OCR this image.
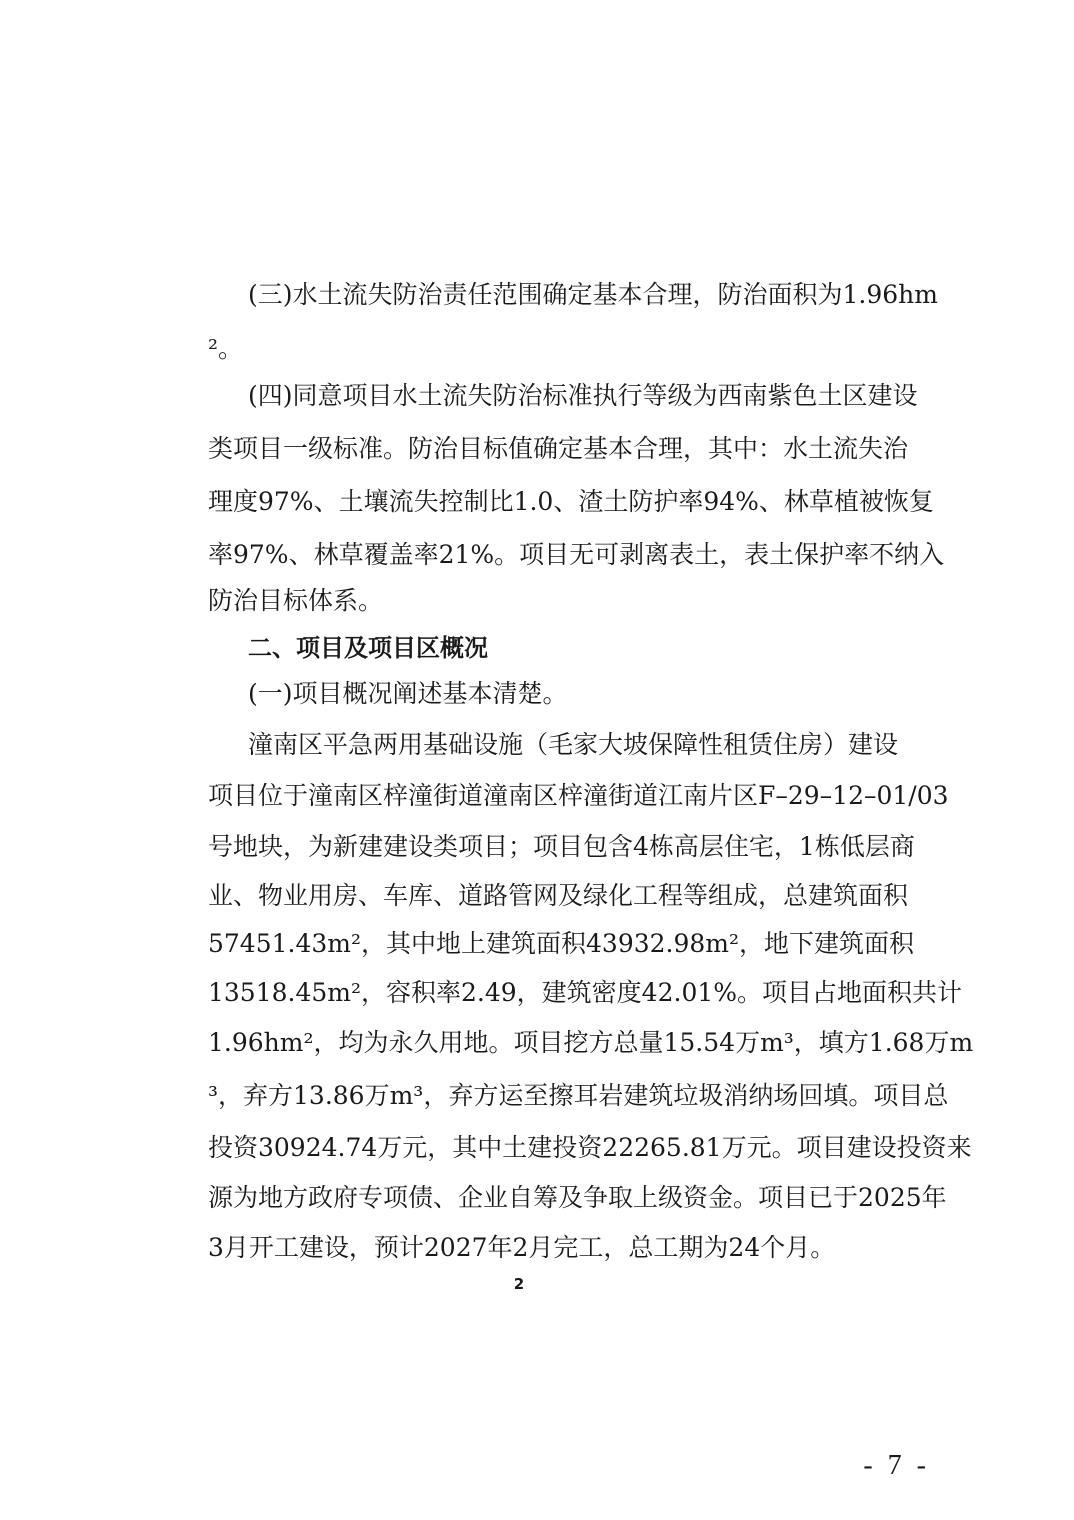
(三)水土流失防治责任范围确定基本合理，防治面积为1.96hm
²。
(四)同意项目水土流失防治标准执行等级为西南紫色土区建设
类项目一级标准。防治目标值确定基本合理，其中：水土流失治
理度97%、土壤流失控制比1.0、渣土防护率94%、林草植被恢复
率97%、林草覆盖率21%。项目无可剥离表土，表土保护率不纳入
防治目标体系。
二、项目及项目区概况
(一)项目概况阐述基本清楚。
潼南区平急两用基础设施（毛家大坡保障性租赁住房）建设
项目位于潼南区梓潼街道潼南区梓潼街道江南片区F–29–12–01/03
号地块，为新建建设类项目；项目包含4栋高层住宅，1栋低层商
业、物业用房、车库、道路管网及绿化工程等组成，总建筑面积
57451.43m²，其中地上建筑面积43932.98m²，地下建筑面积
13518.45m²，容积率2.49，建筑密度42.01%。项目占地面积共计
1.96hm²，均为永久用地。项目挖方总量15.54万m³，填方1.68万m
³，弃方13.86万m³，弃方运至擦耳岩建筑垃圾消纳场回填。项目总
投资30924.74万元，其中土建投资22265.81万元。项目建设投资来
源为地方政府专项债、企业自筹及争取上级资金。项目已于2025年
3月开工建设，预计2027年2月完工，总工期为24个月。
2
- 7 -
